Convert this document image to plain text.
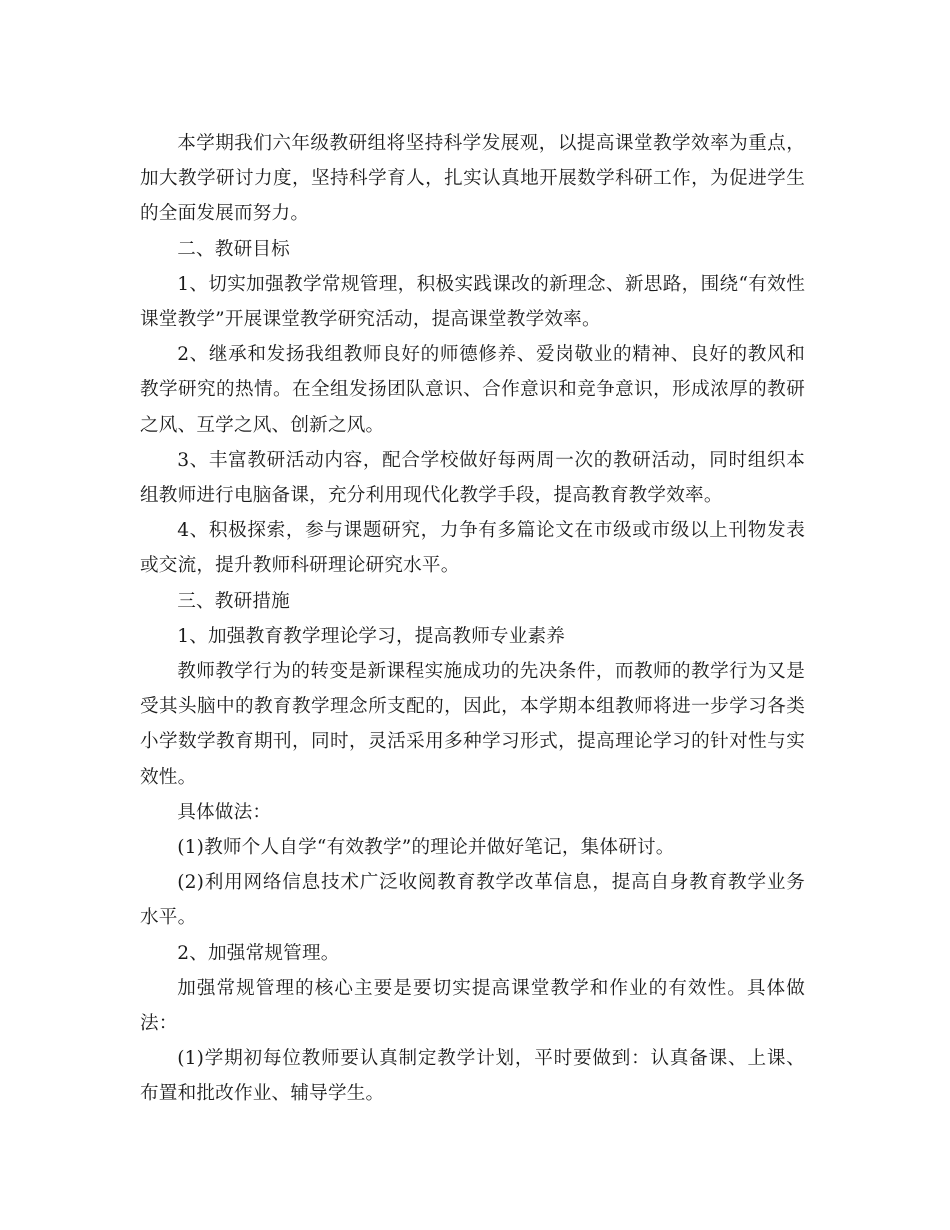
本学期我们六年级教研组将坚持科学发展观，以提高课堂教学效率为重点，加大教学研讨力度，坚持科学育人，扎实认真地开展数学科研工作，为促进学生的全面发展而努力。

二、教研目标

1、切实加强教学常规管理，积极实践课改的新理念、新思路，围绕“有效性课堂教学”开展课堂教学研究活动，提高课堂教学效率。

2、继承和发扬我组教师良好的师德修养、爱岗敬业的精神、良好的教风和教学研究的热情。在全组发扬团队意识、合作意识和竞争意识，形成浓厚的教研之风、互学之风、创新之风。

3、丰富教研活动内容，配合学校做好每两周一次的教研活动，同时组织本组教师进行电脑备课，充分利用现代化教学手段，提高教育教学效率。

4、积极探索，参与课题研究，力争有多篇论文在市级或市级以上刊物发表或交流，提升教师科研理论研究水平。

三、教研措施

1、加强教育教学理论学习，提高教师专业素养

教师教学行为的转变是新课程实施成功的先决条件，而教师的教学行为又是受其头脑中的教育教学理念所支配的，因此，本学期本组教师将进一步学习各类小学数学教育期刊，同时，灵活采用多种学习形式，提高理论学习的针对性与实效性。

具体做法：

(1)教师个人自学“有效教学”的理论并做好笔记，集体研讨。

(2)利用网络信息技术广泛收阅教育教学改革信息，提高自身教育教学业务水平。

2、加强常规管理。

加强常规管理的核心主要是要切实提高课堂教学和作业的有效性。具体做法：

(1)学期初每位教师要认真制定教学计划，平时要做到：认真备课、上课、布置和批改作业、辅导学生。
